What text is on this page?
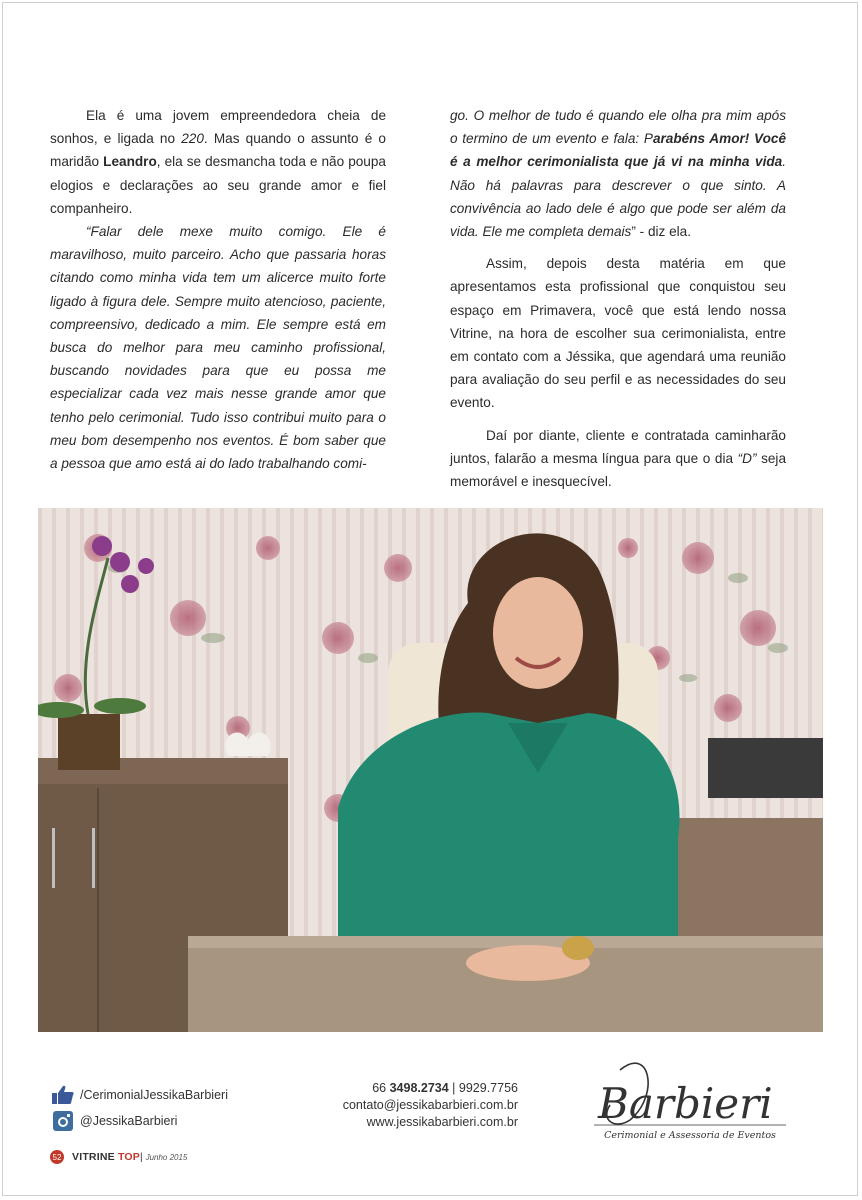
Ela é uma jovem empreendedora cheia de sonhos, e ligada no 220. Mas quando o assunto é o maridão Leandro, ela se desmancha toda e não poupa elogios e declarações ao seu grande amor e fiel companheiro.

“Falar dele mexe muito comigo. Ele é maravilhoso, muito parceiro. Acho que passaria horas citando como minha vida tem um alicerce muito forte ligado à figura dele. Sempre muito atencioso, paciente, compreensivo, dedicado a mim. Ele sempre está em busca do melhor para meu caminho profissional, buscando novidades para que eu possa me especializar cada vez mais nesse grande amor que tenho pelo cerimonial. Tudo isso contribui muito para o meu bom desempenho nos eventos. É bom saber que a pessoa que amo está ai do lado trabalhando comi-

go. O melhor de tudo é quando ele olha pra mim após o termino de um evento e fala: Parabéns Amor! Você é a melhor cerimonialista que já vi na minha vida. Não há palavras para descrever o que sinto. A convivência ao lado dele é algo que pode ser além da vida. Ele me completa demais” - diz ela.

Assim, depois desta matéria em que apresentamos esta profissional que conquistou seu espaço em Primavera, você que está lendo nossa Vitrine, na hora de escolher sua cerimonialista, entre em contato com a Jéssika, que agendará uma reunião para avaliação do seu perfil e as necessidades do seu evento.

Daí por diante, cliente e contratada caminharão juntos, falarão a mesma língua para que o dia “D” seja memorável e inesquecível.

/CerimonialJessikaBarbieri
@JessikaBarbieri
66 3498.2734 | 9929.7756
contato@jessikabarbieri.com.br
www.jessikabarbieri.com.br Barbieri
Cerimonial e Assessoria de Eventos
52 VITRINE TOP | Junho 2015
